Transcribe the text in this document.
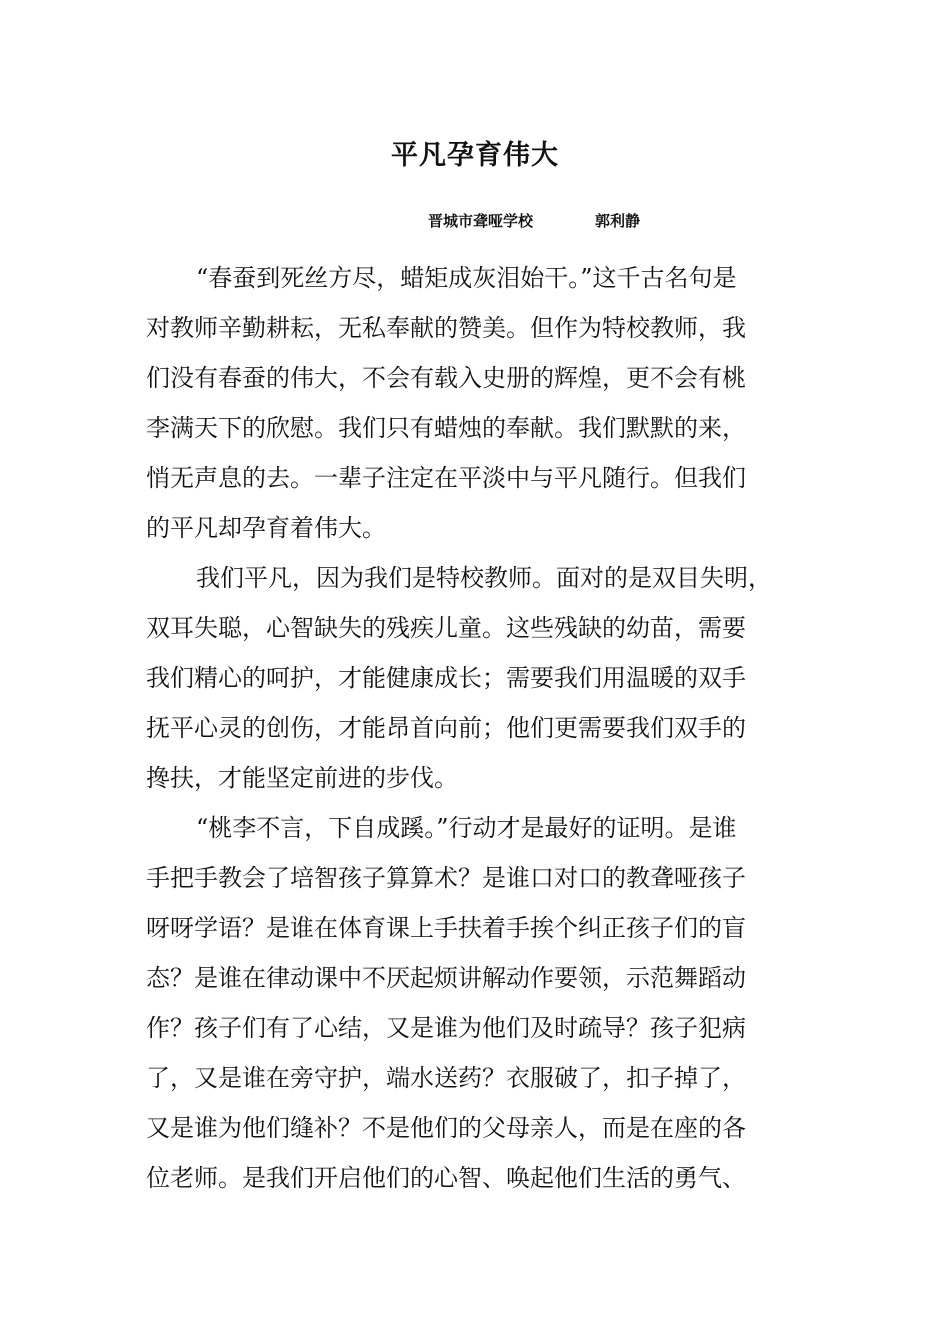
平凡孕育伟大
晋城市聋哑学校	郭利静
“春蚕到死丝方尽，蜡矩成灰泪始干。”这千古名句是
对教师辛勤耕耘，无私奉献的赞美。但作为特校教师，我
们没有春蚕的伟大，不会有载入史册的辉煌，更不会有桃
李满天下的欣慰。我们只有蜡烛的奉献。我们默默的来，
悄无声息的去。一辈子注定在平淡中与平凡随行。但我们
的平凡却孕育着伟大。
我们平凡，因为我们是特校教师。面对的是双目失明，
双耳失聪，心智缺失的残疾儿童。这些残缺的幼苗，需要
我们精心的呵护，才能健康成长；需要我们用温暖的双手
抚平心灵的创伤，才能昂首向前；他们更需要我们双手的
搀扶，才能坚定前进的步伐。
“桃李不言，下自成蹊。”行动才是最好的证明。是谁
手把手教会了培智孩子算算术？是谁口对口的教聋哑孩子
呀呀学语？是谁在体育课上手扶着手挨个纠正孩子们的盲
态？是谁在律动课中不厌起烦讲解动作要领，示范舞蹈动
作？孩子们有了心结，又是谁为他们及时疏导？孩子犯病
了，又是谁在旁守护，端水送药？衣服破了，扣子掉了，
又是谁为他们缝补？不是他们的父母亲人，而是在座的各
位老师。是我们开启他们的心智、唤起他们生活的勇气、
